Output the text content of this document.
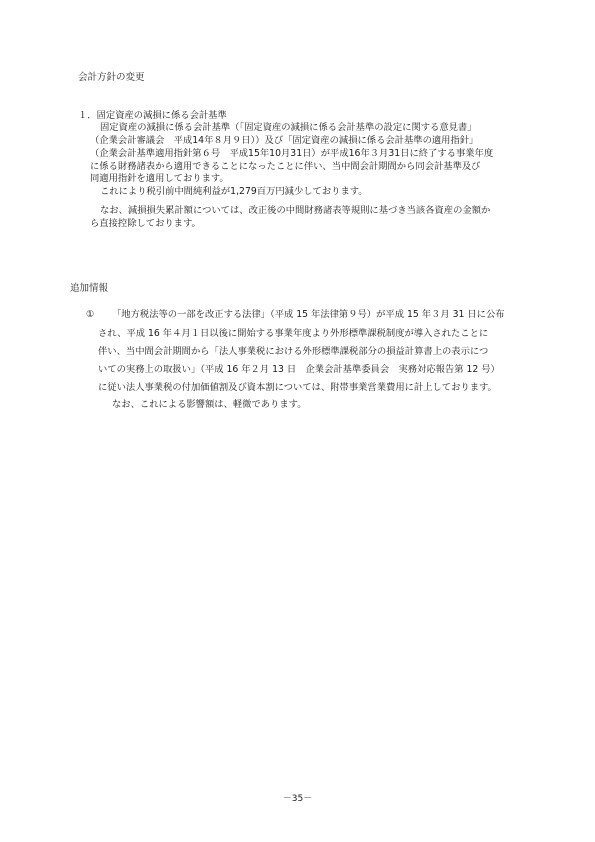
会計方針の変更
１．固定資産の減損に係る会計基準
固定資産の減損に係る会計基準（「固定資産の減損に係る会計基準の設定に関する意見書」
（企業会計審議会　平成14年８月９日））及び「固定資産の減損に係る会計基準の適用指針」
（企業会計基準適用指針第６号　平成15年10月31日）が平成16年３月31日に終了する事業年度
に係る財務諸表から適用できることになったことに伴い、当中間会計期間から同会計基準及び
同適用指針を適用しております。
これにより税引前中間純利益が1,279百万円減少しております。
なお、減損損失累計額については、改正後の中間財務諸表等規則に基づき当該各資産の金額か
ら直接控除しております。
追加情報
① 「地方税法等の一部を改正する法律」（平成 15 年法律第９号）が平成 15 年３月 31 日に公布
され、平成 16 年４月１日以後に開始する事業年度より外形標準課税制度が導入されたことに
伴い、当中間会計期間から「法人事業税における外形標準課税部分の損益計算書上の表示につ
いての実務上の取扱い」（平成 16 年２月 13 日　企業会計基準委員会　実務対応報告第 12 号）
に従い法人事業税の付加価値割及び資本割については、附帯事業営業費用に計上しております。
なお、これによる影響額は、軽微であります。
－35－
